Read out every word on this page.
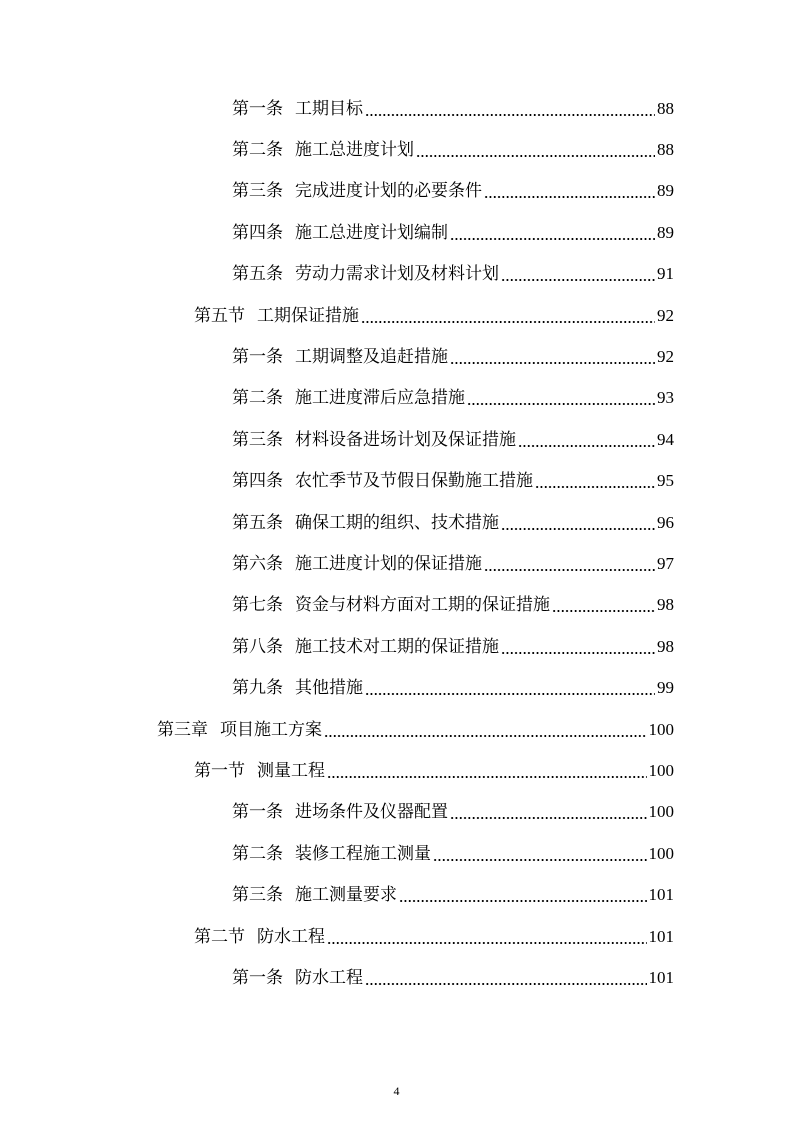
第一条 工期目标	88
第二条 施工总进度计划	88
第三条 完成进度计划的必要条件	89
第四条 施工总进度计划编制	89
第五条 劳动力需求计划及材料计划	91
第五节 工期保证措施	92
第一条 工期调整及追赶措施	92
第二条 施工进度滞后应急措施	93
第三条 材料设备进场计划及保证措施	94
第四条 农忙季节及节假日保勤施工措施	95
第五条 确保工期的组织、技术措施	96
第六条 施工进度计划的保证措施	97
第七条 资金与材料方面对工期的保证措施	98
第八条 施工技术对工期的保证措施	98
第九条 其他措施	99
第三章 项目施工方案	100
第一节 测量工程	100
第一条 进场条件及仪器配置	100
第二条 装修工程施工测量	100
第三条 施工测量要求	101
第二节 防水工程	101
第一条 防水工程	101
4
